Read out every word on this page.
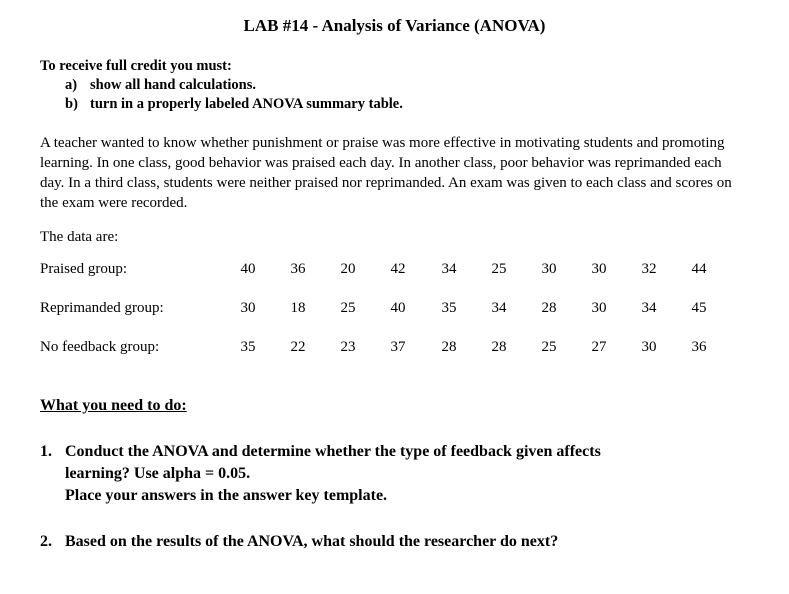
LAB #14 - Analysis of Variance (ANOVA)
To receive full credit you must:
a) show all hand calculations.
b) turn in a properly labeled ANOVA summary table.
A teacher wanted to know whether punishment or praise was more effective in motivating students and promoting learning. In one class, good behavior was praised each day. In another class, poor behavior was reprimanded each day. In a third class, students were neither praised nor reprimanded. An exam was given to each class and scores on the exam were recorded.
The data are:
Praised group:	40	36	20	42	34	25	30	30	32	44
Reprimanded group:	30	18	25	40	35	34	28	30	34	45
No feedback group:	35	22	23	37	28	28	25	27	30	36
What you need to do:
1. Conduct the ANOVA and determine whether the type of feedback given affects
learning? Use alpha = 0.05.
Place your answers in the answer key template.
2. Based on the results of the ANOVA, what should the researcher do next?
